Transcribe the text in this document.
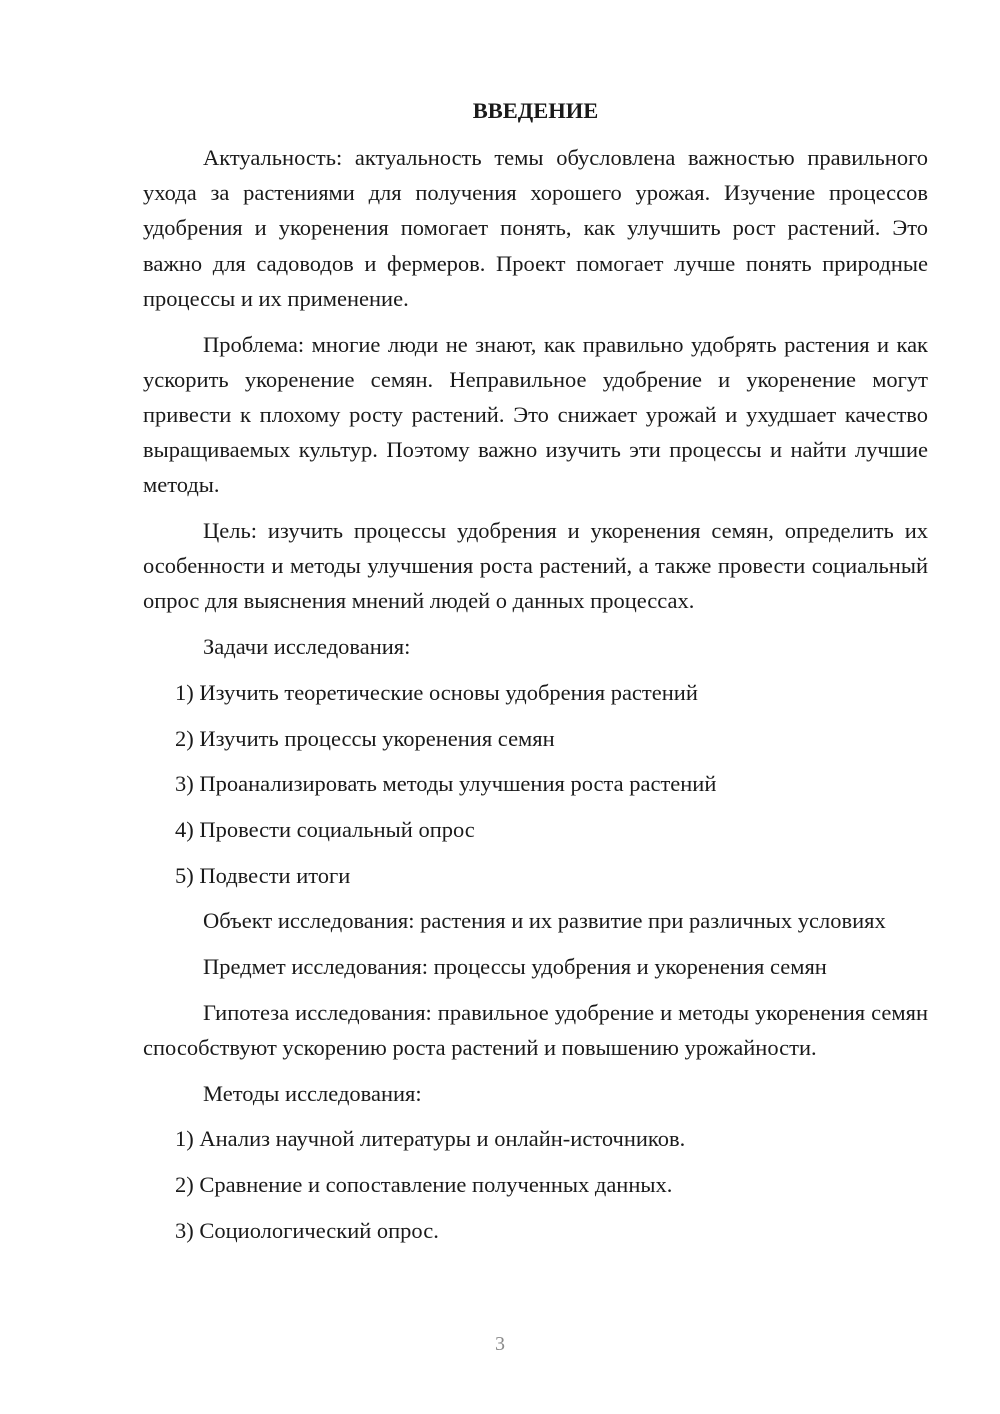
ВВЕДЕНИЕ
Актуальность: актуальность темы обусловлена важностью правильного ухода за растениями для получения хорошего урожая. Изучение процессов удобрения и укоренения помогает понять, как улучшить рост растений. Это важно для садоводов и фермеров. Проект помогает лучше понять природные процессы и их применение.
Проблема: многие люди не знают, как правильно удобрять растения и как ускорить укоренение семян. Неправильное удобрение и укоренение могут привести к плохому росту растений. Это снижает урожай и ухудшает качество выращиваемых культур. Поэтому важно изучить эти процессы и найти лучшие методы.
Цель: изучить процессы удобрения и укоренения семян, определить их особенности и методы улучшения роста растений, а также провести социальный опрос для выяснения мнений людей о данных процессах.
Задачи исследования:
1) Изучить теоретические основы удобрения растений
2) Изучить процессы укоренения семян
3) Проанализировать методы улучшения роста растений
4) Провести социальный опрос
5) Подвести итоги
Объект исследования: растения и их развитие при различных условиях
Предмет исследования: процессы удобрения и укоренения семян
Гипотеза исследования: правильное удобрение и методы укоренения семян способствуют ускорению роста растений и повышению урожайности.
Методы исследования:
1) Анализ научной литературы и онлайн-источников.
2) Сравнение и сопоставление полученных данных.
3) Социологический опрос.
3
